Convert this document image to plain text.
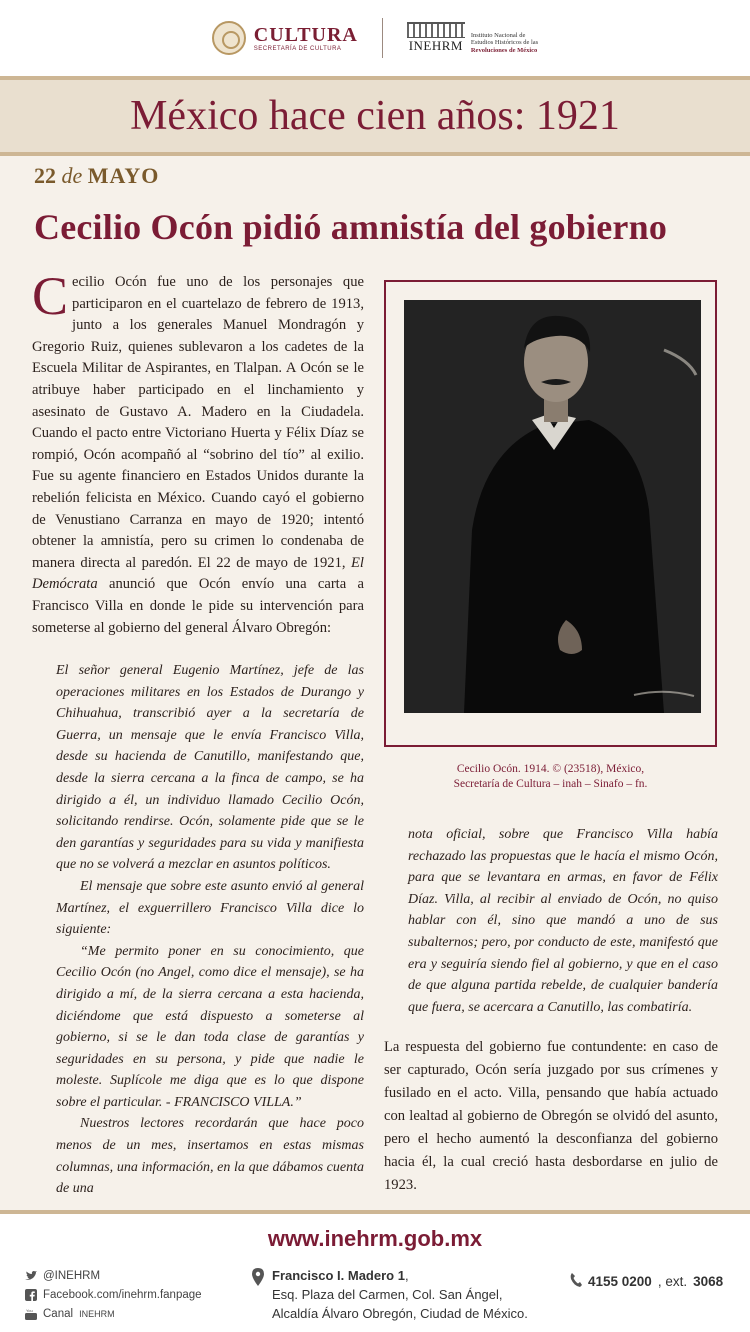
CULTURA
SECRETARÍA DE CULTURA	INEHRM
Instituto Nacional de
Estudios Históricos de las
Revoluciones de México
México hace cien años: 1921
22 de MAYO
Cecilio Ocón pidió amnistía del gobierno
Cecilio Ocón fue uno de los personajes que participaron en el cuartelazo de febrero de 1913, junto a los generales Manuel Mondragón y Gregorio Ruiz, quienes sublevaron a los cadetes de la Escuela Militar de Aspirantes, en Tlalpan. A Ocón se le atribuye haber participado en el linchamiento y asesinato de Gustavo A. Madero en la Ciudadela. Cuando el pacto entre Victoriano Huerta y Félix Díaz se rompió, Ocón acompañó al “sobrino del tío” al exilio. Fue su agente financiero en Estados Unidos durante la rebelión felicista en México. Cuando cayó el gobierno de Venustiano Carranza en mayo de 1920; intentó obtener la amnistía, pero su crimen lo condenaba de manera directa al paredón. El 22 de mayo de 1921, El Demócrata anunció que Ocón envío una carta a Francisco Villa en donde le pide su intervención para someterse al gobierno del general Álvaro Obregón:

El señor general Eugenio Martínez, jefe de las operaciones militares en los Estados de Durango y Chihuahua, transcribió ayer a la secretaría de Guerra, un mensaje que le envía Francisco Villa, desde su hacienda de Canutillo, manifestando que, desde la sierra cercana a la finca de campo, se ha dirigido a él, un individuo llamado Cecilio Ocón, solicitando rendirse. Ocón, solamente pide que se le den garantías y seguridades para su vida y manifiesta que no se volverá a mezclar en asuntos políticos.

El mensaje que sobre este asunto envió al general Martínez, el exguerrillero Francisco Villa dice lo siguiente:

“Me permito poner en su conocimiento, que Cecilio Ocón (no Angel, como dice el mensaje), se ha dirigido a mí, de la sierra cercana a esta hacienda, diciéndome que está dispuesto a someterse al gobierno, si se le dan toda clase de garantías y seguridades en su persona, y pide que nadie le moleste. Suplícole me diga que es lo que dispone sobre el particular. - FRANCISCO VILLA.”

Nuestros lectores recordarán que hace poco menos de un mes, insertamos en estas mismas columnas, una información, en la que dábamos cuenta de una

Cecilio Ocón. 1914. © (23518), México,
Secretaría de Cultura – inah – Sinafo – fn.
nota oficial, sobre que Francisco Villa había rechazado las propuestas que le hacía el mismo Ocón, para que se levantara en armas, en favor de Félix Díaz. Villa, al recibir al enviado de Ocón, no quiso hablar con él, sino que mandó a uno de sus subalternos; pero, por conducto de este, manifestó que era y seguiría siendo fiel al gobierno, y que en el caso de que alguna partida rebelde, de cualquier bandería que fuera, se acercara a Canutillo, las combatiría.
La respuesta del gobierno fue contundente: en caso de ser capturado, Ocón sería juzgado por sus crímenes y fusilado en el acto. Villa, pensando que había actuado con lealtad al gobierno de Obregón se olvidó del asunto, pero el hecho aumentó la desconfianza del gobierno hacia él, la cual creció hasta desbordarse en julio de 1923.
www.inehrm.gob.mx
@INEHRM
Facebook.com/inehrm.fanpage
You Canal INEHRM
Francisco I. Madero 1,
Esq. Plaza del Carmen, Col. San Ángel,
Alcaldía Álvaro Obregón, Ciudad de México.
4155 0200 , ext. 3068
